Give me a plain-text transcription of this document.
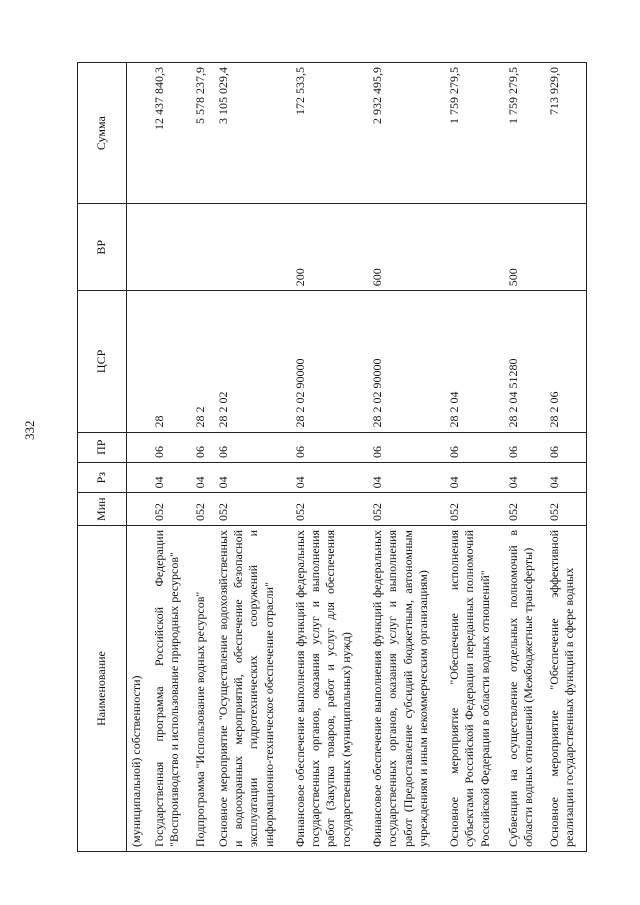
332
Наименование	Мин	Рз	ПР	ЦСР	ВР	Сумма
(муниципальной) собственности)						
Государственная программа Российской Федерации "Воспроизводство и использование природных ресурсов"	052	04	06	28		12 437 840,3
Подпрограмма "Использование водных ресурсов"	052	04	06	28 2		5 578 237,9
Основное мероприятие "Осуществление водохозяйственных и водоохранных мероприятий, обеспечение безопасной эксплуатации гидротехнических сооружений и информационно-техническое обеспечение отрасли"	052	04	06	28 2 02		3 105 029,4
Финансовое обеспечение выполнения функций федеральных государственных органов, оказания услуг и выполнения работ (Закупка товаров, работ и услуг для обеспечения государственных (муниципальных) нужд)	052	04	06	28 2 02 90000	200	172 533,5
Финансовое обеспечение выполнения функций федеральных государственных органов, оказания услуг и выполнения работ (Предоставление субсидий бюджетным, автономным учреждениям и иным некоммерческим организациям)	052	04	06	28 2 02 90000	600	2 932 495,9
Основное мероприятие "Обеспечение исполнения субъектами Российской Федерации переданных полномочий Российской Федерации в области водных отношений"	052	04	06	28 2 04		1 759 279,5
Субвенции на осуществление отдельных полномочий в области водных отношений (Межбюджетные трансферты)	052	04	06	28 2 04 51280	500	1 759 279,5
Основное мероприятие "Обеспечение эффективной реализации государственных функций в сфере водных	052	04	06	28 2 06		713 929,0
